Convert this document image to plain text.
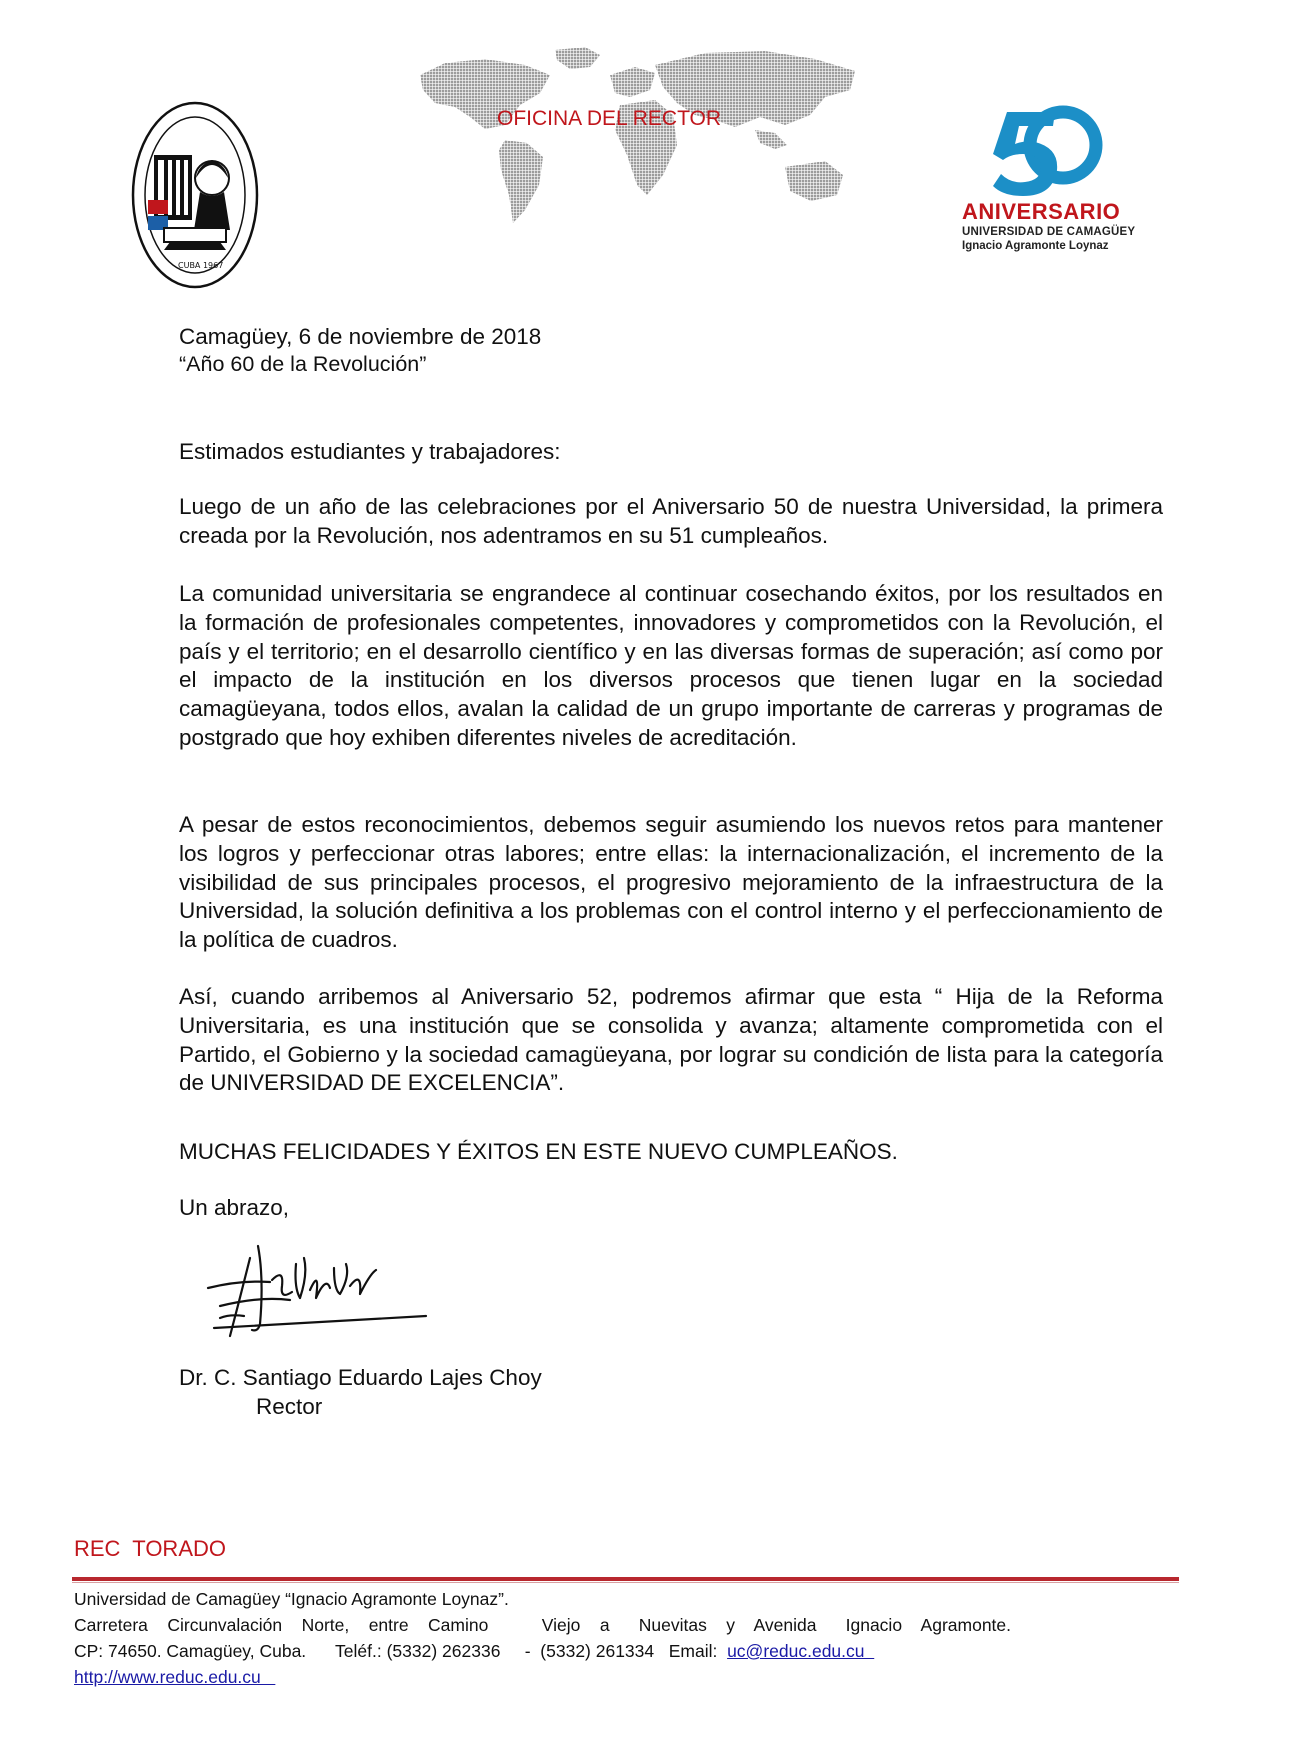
CUBA 1967
OFICINA DEL RECTOR
ANIVERSARIO
UNIVERSIDAD DE CAMAGÜEY
Ignacio Agramonte Loynaz
Camagüey, 6 de noviembre de 2018
“Año 60 de la Revolución”
Estimados estudiantes y trabajadores:

Luego de un año de las celebraciones por el Aniversario 50 de nuestra Universidad, la primera creada por la Revolución, nos adentramos en su 51 cumpleaños.

La comunidad universitaria se engrandece al continuar cosechando éxitos, por los resultados en la formación de profesionales competentes, innovadores y comprometidos con la Revolución, el país y el territorio; en el desarrollo científico y en las diversas formas de superación; así como por el impacto de la institución en los diversos procesos que tienen lugar en la sociedad camagüeyana, todos ellos, avalan la calidad de un grupo importante de carreras y programas de postgrado que hoy exhiben diferentes niveles de acreditación.

A pesar de estos reconocimientos, debemos seguir asumiendo los nuevos retos para mantener los logros y perfeccionar otras labores; entre ellas: la internacionalización, el incremento de la visibilidad de sus principales procesos, el progresivo mejoramiento de la infraestructura de la Universidad, la solución definitiva a los problemas con el control interno y el perfeccionamiento de la política de cuadros.

Así, cuando arribemos al Aniversario 52, podremos afirmar que esta “ Hija de la Reforma Universitaria, es una institución que se consolida y avanza; altamente comprometida con el Partido, el Gobierno y la sociedad camagüeyana, por lograr su condición de lista para la categoría de UNIVERSIDAD DE EXCELENCIA”.

MUCHAS FELICIDADES Y ÉXITOS EN ESTE NUEVO CUMPLEAÑOS.
Un abrazo,
Dr. C. Santiago Eduardo Lajes Choy
Rector
REC  TORADO
Universidad de Camagüey “Ignacio Agramonte Loynaz”.
Carretera    Circunvalación    Norte,    entre    Camino           Viejo    a      Nuevitas    y    Avenida      Ignacio    Agramonte.
CP: 74650. Camagüey, Cuba.      Teléf.: (5332) 262336     -  (5332) 261334   Email:  uc@reduc.edu.cu
http://www.reduc.edu.cu
